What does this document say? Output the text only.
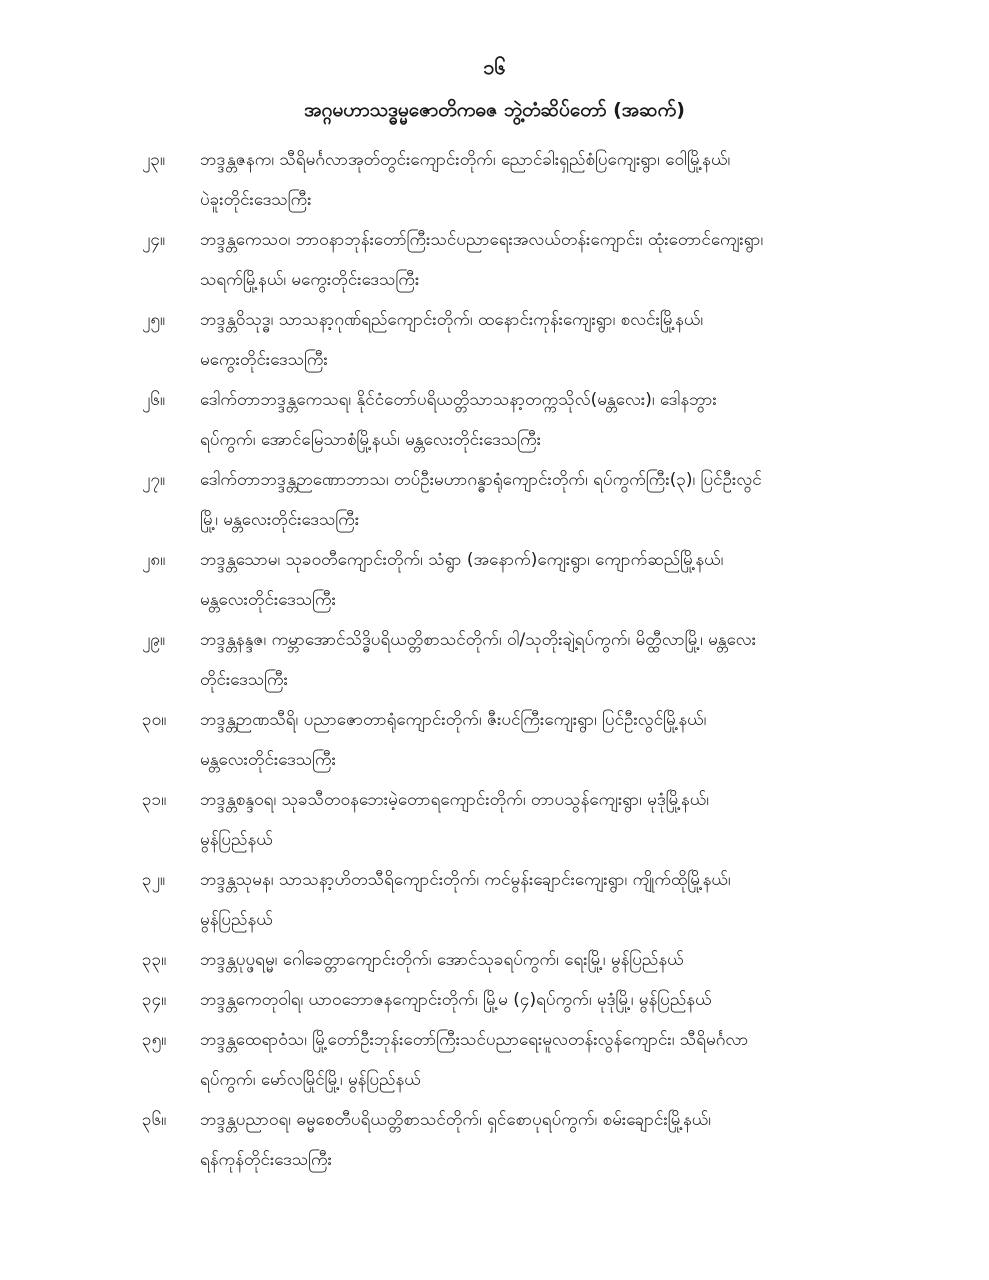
၁၆
အဂ္ဂမဟာသဒ္ဓမ္မဇောတိကဓဇ ဘွဲ့တံဆိပ်တော် (အဆက်)
၂၃။	ဘဒ္ဒန္တဇနက၊ သီရိမင်္ဂလာအုတ်တွင်းကျောင်းတိုက်၊ ညောင်ခါးရှည်စံပြကျေးရွာ၊ ဝေါမြို့နယ်၊
ပဲခူးတိုင်းဒေသကြီး
၂၄။	ဘဒ္ဒန္တကေသဝ၊ ဘာဝနာဘုန်းတော်ကြီးသင်ပညာရေးအလယ်တန်းကျောင်း၊ ထုံးတောင်ကျေးရွာ၊
သရက်မြို့နယ်၊ မကွေးတိုင်းဒေသကြီး
၂၅။	ဘဒ္ဒန္တဝိသုဒ္ဓ၊ သာသနာ့ဂုဏ်ရည်ကျောင်းတိုက်၊ ထနောင်းကုန်းကျေးရွာ၊ စလင်းမြို့နယ်၊
မကွေးတိုင်းဒေသကြီး
၂၆။	ဒေါက်တာဘဒ္ဒန္တကေသရ၊ နိုင်ငံတော်ပရိယတ္တိသာသနာ့တက္ကသိုလ်(မန္တလေး)၊ ဒေါနဘွား
ရပ်ကွက်၊ အောင်မြေသာစံမြို့နယ်၊ မန္တလေးတိုင်းဒေသကြီး
၂၇။	ဒေါက်တာဘဒ္ဒန္တဉာဏောဘာသ၊ တပ်ဦးမဟာဂန္ဓာရုံကျောင်းတိုက်၊ ရပ်ကွက်ကြီး(၃)၊ ပြင်ဦးလွင်
မြို့၊ မန္တလေးတိုင်းဒေသကြီး
၂၈။	ဘဒ္ဒန္တသောမ၊ သုခဝတီကျောင်းတိုက်၊ သံရွာ (အနောက်)ကျေးရွာ၊ ကျောက်ဆည်မြို့နယ်၊
မန္တလေးတိုင်းဒေသကြီး
၂၉။	ဘဒ္ဒန္တနန္ဒဇ၊ ကမ္ဘာအောင်သိဒ္ဓိပရိယတ္တိစာသင်တိုက်၊ ဝါ/သုတိုးချဲ့ရပ်ကွက်၊ မိတ္ထီလာမြို့၊ မန္တလေး
တိုင်းဒေသကြီး
၃၀။	ဘဒ္ဒန္တဉာဏသီရိ၊ ပညာဇောတာရုံကျောင်းတိုက်၊ ဇီးပင်ကြီးကျေးရွာ၊ ပြင်ဦးလွင်မြို့နယ်၊
မန္တလေးတိုင်းဒေသကြီး
၃၁။	ဘဒ္ဒန္တစန္ဒဝရ၊ သုခသီတဝနဘေးမဲ့တောရကျောင်းတိုက်၊ တာပသွန်ကျေးရွာ၊ မုဒုံမြို့နယ်၊
မွန်ပြည်နယ်
၃၂။	ဘဒ္ဒန္တသုမန၊ သာသနာ့ဟိတသီရိကျောင်းတိုက်၊ ကင်မွန်းချောင်းကျေးရွာ၊ ကျိုက်ထိုမြို့နယ်၊
မွန်ပြည်နယ်
၃၃။	ဘဒ္ဒန္တပုပ္ဖရမ္မ၊ ဂေါခေတ္တာကျောင်းတိုက်၊ အောင်သုခရပ်ကွက်၊ ရေးမြို့၊ မွန်ပြည်နယ်
၃၄။	ဘဒ္ဒန္တကေတုဝါရ၊ ယာဝဘောဇနကျောင်းတိုက်၊ မြို့မ (၄)ရပ်ကွက်၊ မုဒုံမြို့၊ မွန်ပြည်နယ်
၃၅။	ဘဒ္ဒန္တထေရာဝံသ၊ မြို့တော်ဦးဘုန်းတော်ကြီးသင်ပညာရေးမူလတန်းလွန်ကျောင်း၊ သီရိမင်္ဂလာ
ရပ်ကွက်၊ မော်လမြိုင်မြို့၊ မွန်ပြည်နယ်
၃၆။	ဘဒ္ဒန္တပညာဝရ၊ ဓမ္မစေတီပရိယတ္တိစာသင်တိုက်၊ ရှင်စောပုရပ်ကွက်၊ စမ်းချောင်းမြို့နယ်၊
ရန်ကုန်တိုင်းဒေသကြီး
